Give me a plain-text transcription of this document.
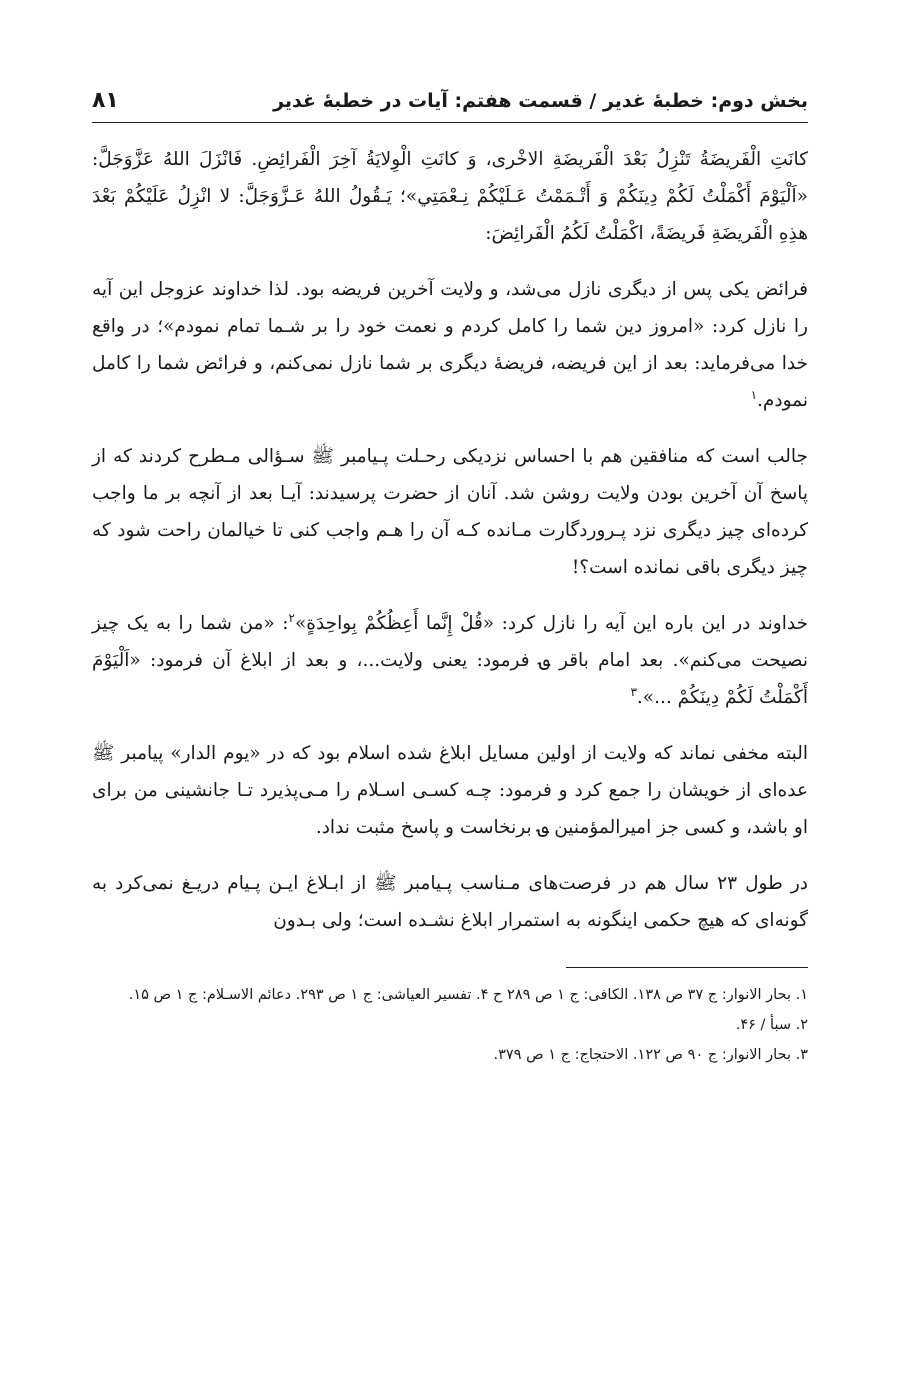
بخش دوم: خطبهٔ غدیر / قسمت هفتم: آیات در خطبهٔ غدیر
۸۱

كانَتِ الْفَريضَةُ تَنْزِلُ بَعْدَ الْفَريضَةِ الاخْرى، وَ كانَتِ الْوِلايَةُ آخِرَ الْفَرائِضِ. فَانْزَلَ اللهُ عَزَّوَجَلَّ: «اَلْيَوْمَ أَكْمَلْتُ لَكُمْ دِينَكُمْ وَ أَتْـمَمْتُ عَـلَيْكُمْ نِـعْمَتِي»؛ يَـقُولُ اللهُ عَـزَّوَجَلَّ: لا انْزِلُ عَلَيْكُمْ بَعْدَ هذِهِ الْفَريضَةِ فَريضَةً، اكْمَلْتُ لَكُمُ الْفَرائِضَ:

فرائض یکی پس از دیگری نازل می‌شد، و ولایت آخرین فریضه بود. لذا خداوند عزوجل این آیه را نازل کرد: «امروز دین شما را کامل کردم و نعمت خود را بر شـما تمام نمودم»؛ در واقع خدا می‌فرماید: بعد از این فریضه، فریضهٔ دیگری بر شما نازل نمی‌کنم، و فرائض شما را کامل نمودم.$^۱$

جالب است که منافقین هم با احساس نزدیکی رحـلت پـیامبر ﷺ سـؤالی مـطرح کردند که از پاسخ آن آخرین بودن ولایت روشن شد. آنان از حضرت پرسیدند: آیـا بعد از آنچه بر ما واجب کرده‌ای چیز دیگری نزد پـروردگارت مـانده کـه آن را هـم واجب کنی تا خیالمان راحت شود که چیز دیگری باقی نمانده است؟!

خداوند در این باره این آیه را نازل کرد: «قُلْ إِنَّما أَعِظُكُمْ بِواحِدَةٍ»$^۲$: «من شما را به یک چیز نصیحت می‌کنم». بعد امام باقر ؈ فرمود: یعنی ولایت...، و بعد از ابلاغ آن فرمود: «اَلْيَوْمَ أَكْمَلْتُ لَكُمْ دِينَكُمْ ...».$^۳$

البته مخفی نماند که ولایت از اولین مسایل ابلاغ شده اسلام بود که در «یوم الدار» پیامبر ﷺ عده‌ای از خویشان را جمع کرد و فرمود: چـه کسـی اسـلام را مـی‌پذیرد تـا جانشینی من برای او باشد، و کسی جز امیرالمؤمنین ؈ برنخاست و پاسخ مثبت نداد.

در طول ۲۳ سال هم در فرصت‌های مـناسب پـیامبر ﷺ از ابـلاغ ایـن پـیام دریـغ نمی‌کرد به گونه‌ای که هیچ حکمی اینگونه به استمرار ابلاغ نشـده است؛ ولی بـدون

۱. بحار الانوار: ج ۳۷ ص ۱۳۸. الکافی: ج ۱ ص ۲۸۹ ح ۴. تفسیر العیاشی: ج ۱ ص ۲۹۳. دعائم الاسـلام: ج ۱ ص ۱۵.

۲. سبأ / ۴۶.

۳. بحار الانوار: ج ۹۰ ص ۱۲۲. الاحتجاج: ج ۱ ص ۳۷۹.
